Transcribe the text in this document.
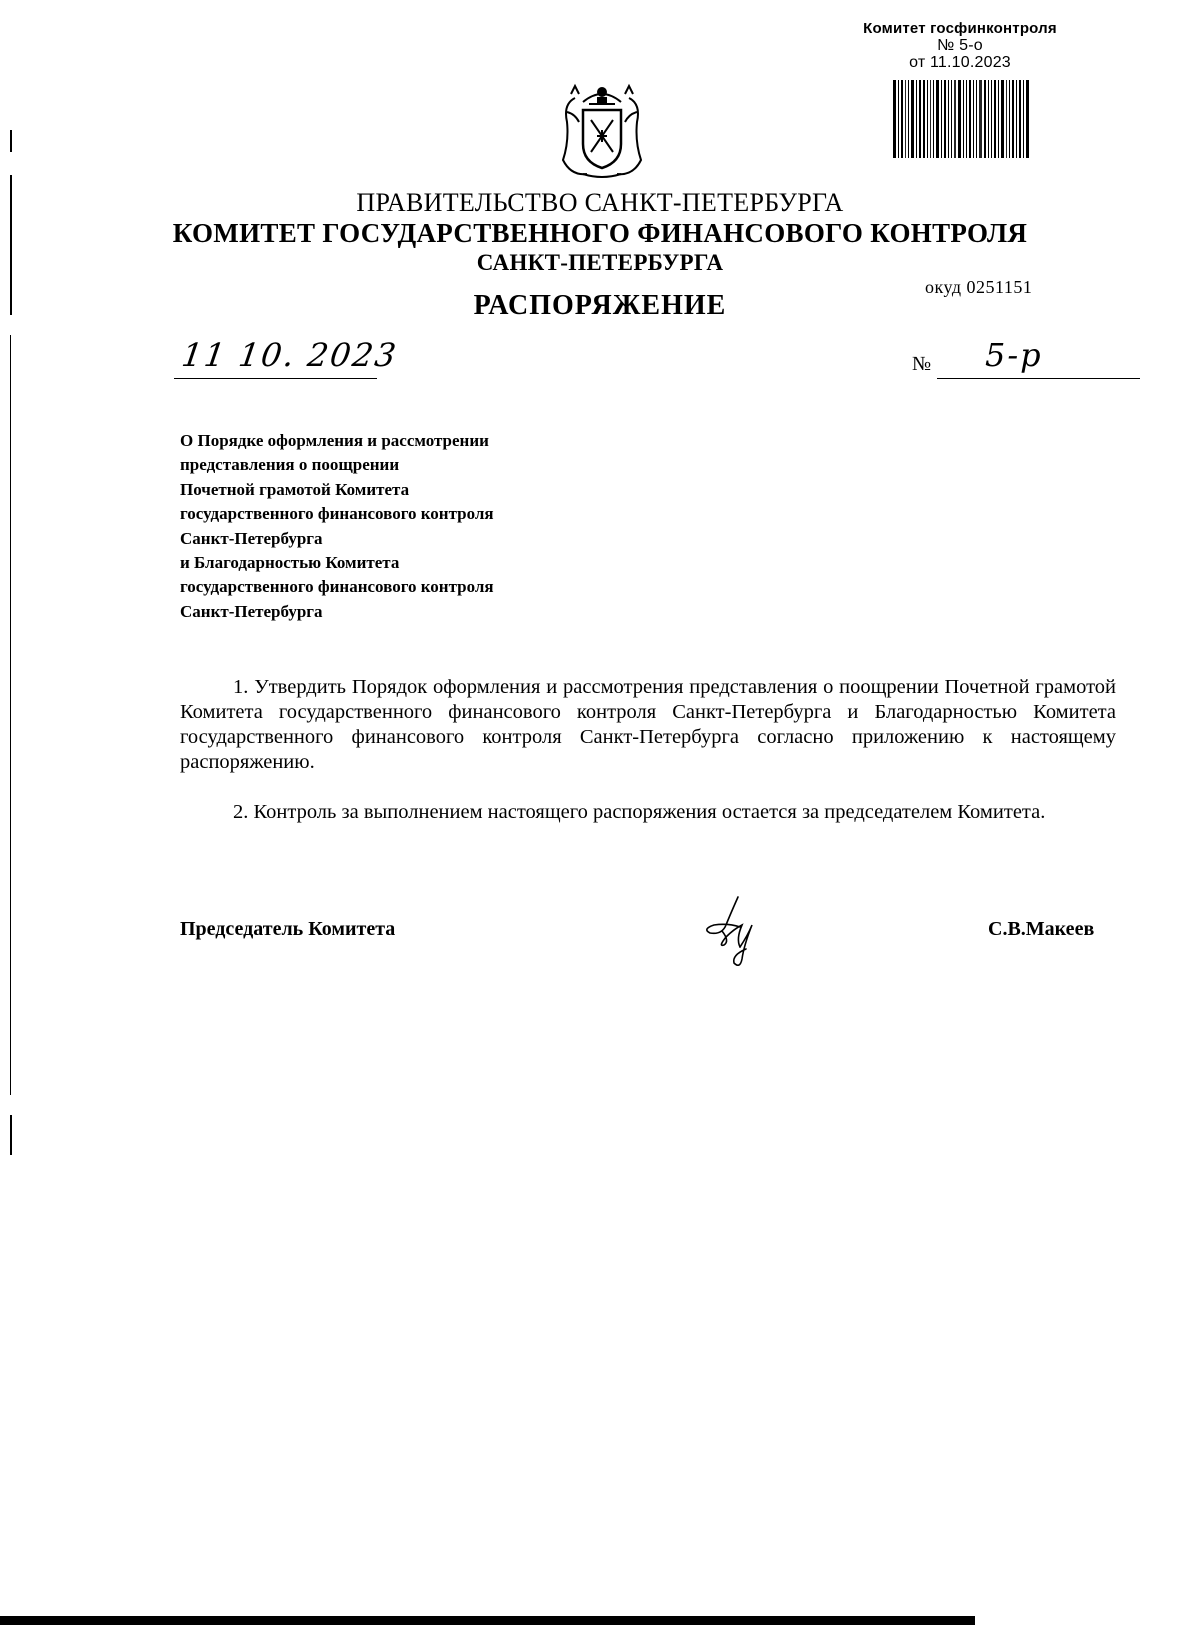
Комитет госфинконтроля
№ 5-о
от 11.10.2023
ПРАВИТЕЛЬСТВО САНКТ-ПЕТЕРБУРГА
КОМИТЕТ ГОСУДАРСТВЕННОГО ФИНАНСОВОГО КОНТРОЛЯ
САНКТ-ПЕТЕРБУРГА
окуд 0251151
РАСПОРЯЖЕНИЕ
11 10. 2023	№ 5-р
О Порядке оформления и рассмотрении
представления о поощрении
Почетной грамотой Комитета
государственного финансового контроля
Санкт-Петербурга
и Благодарностью Комитета
государственного финансового контроля
Санкт-Петербурга
1. Утвердить Порядок оформления и рассмотрения представления о поощрении Почетной грамотой Комитета государственного финансового контроля Санкт-Петербурга и Благодарностью Комитета государственного финансового контроля Санкт-Петербурга согласно приложению к настоящему распоряжению.
2. Контроль за выполнением настоящего распоряжения остается за председателем Комитета.
Председатель Комитета	С.В.Макеев
